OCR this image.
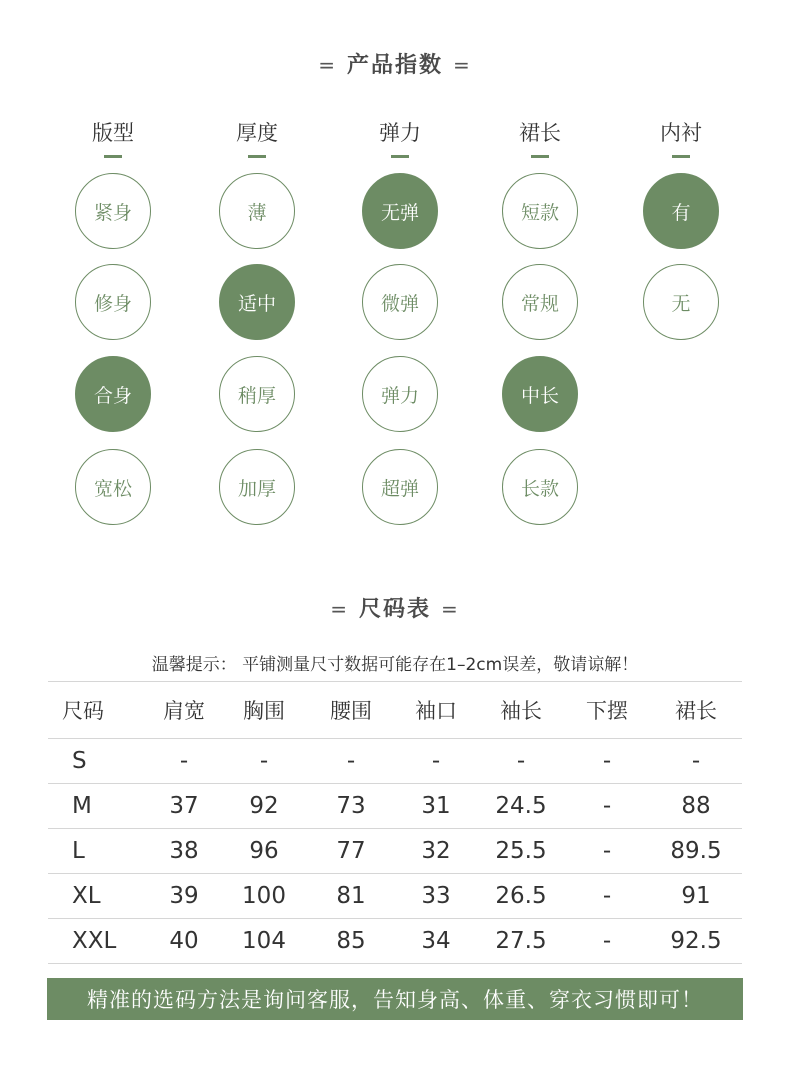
= 产品指数 =
版型	厚度	弹力	裙长	内衬
紧身
修身
合身
宽松
薄
适中
稍厚
加厚
无弹
微弹
弹力
超弹
短款
常规
中长
长款
有
无
= 尺码表 =
温馨提示： 平铺测量尺寸数据可能存在1–2cm误差，敬请谅解！
尺码	肩宽	胸围	腰围	袖口	袖长	下摆	裙长
S	-	-	-	-	-	-	-
M	37	92	73	31	24.5	-	88
L	38	96	77	32	25.5	-	89.5
XL	39	100	81	33	26.5	-	91
XXL	40	104	85	34	27.5	-	92.5
精准的选码方法是询问客服，告知身高、体重、穿衣习惯即可！
